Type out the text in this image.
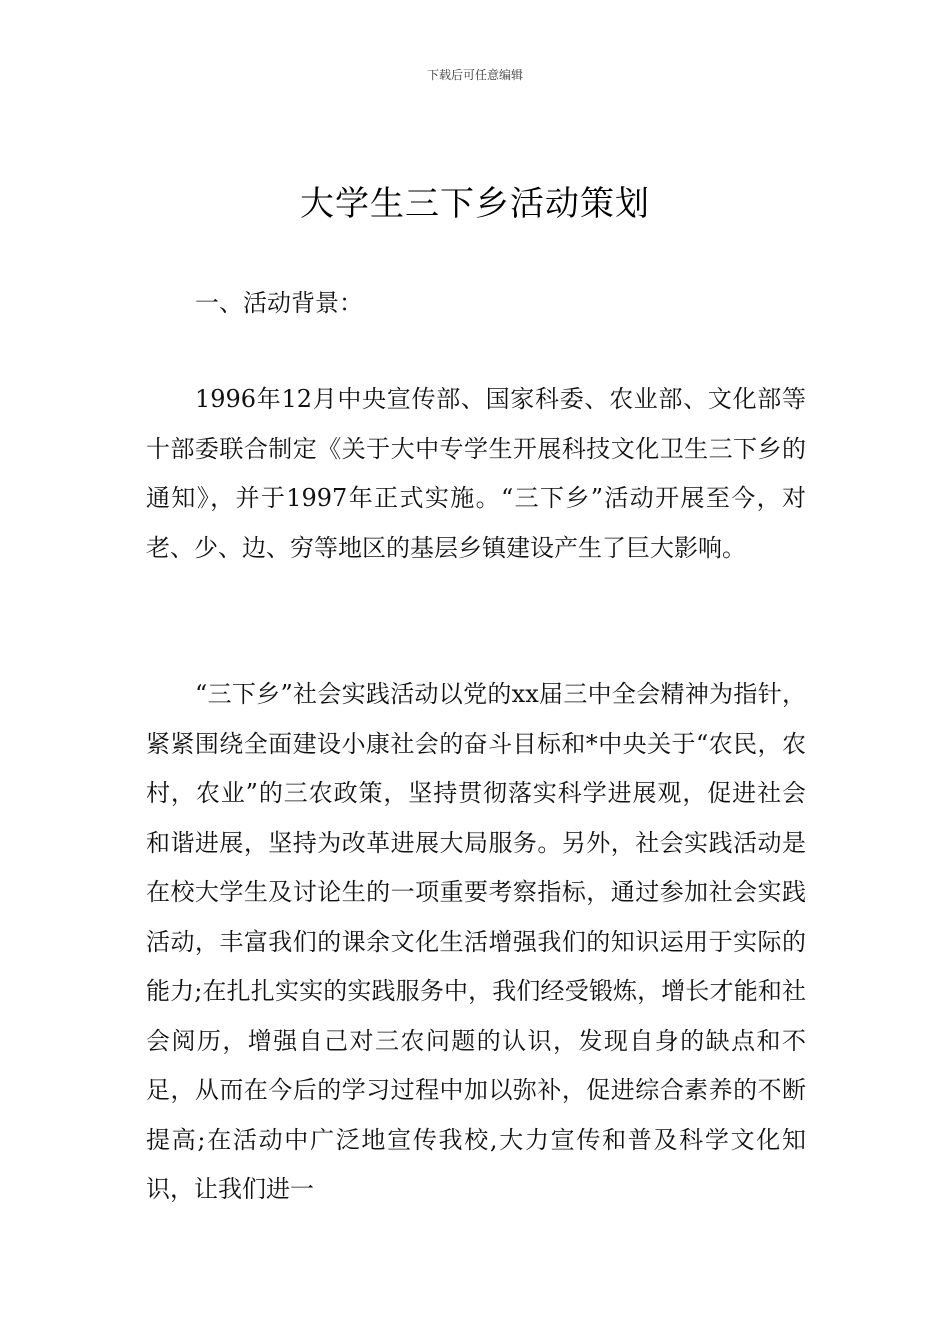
下载后可任意编辑
大学生三下乡活动策划
一、活动背景：

1996年12月中央宣传部、国家科委、农业部、文化部等十部委联合制定《关于大中专学生开展科技文化卫生三下乡的通知》，并于1997年正式实施。“三下乡”活动开展至今，对老、少、边、穷等地区的基层乡镇建设产生了巨大影响。

“三下乡”社会实践活动以党的xx届三中全会精神为指针，紧紧围绕全面建设小康社会的奋斗目标和*中央关于“农民，农村，农业”的三农政策，坚持贯彻落实科学进展观，促进社会和谐进展，坚持为改革进展大局服务。另外，社会实践活动是在校大学生及讨论生的一项重要考察指标，通过参加社会实践活动，丰富我们的课余文化生活增强我们的知识运用于实际的能力;在扎扎实实的实践服务中，我们经受锻炼，增长才能和社会阅历，增强自己对三农问题的认识，发现自身的缺点和不足，从而在今后的学习过程中加以弥补，促进综合素养的不断提高;在活动中广泛地宣传我校,大力宣传和普及科学文化知识，让我们进一
